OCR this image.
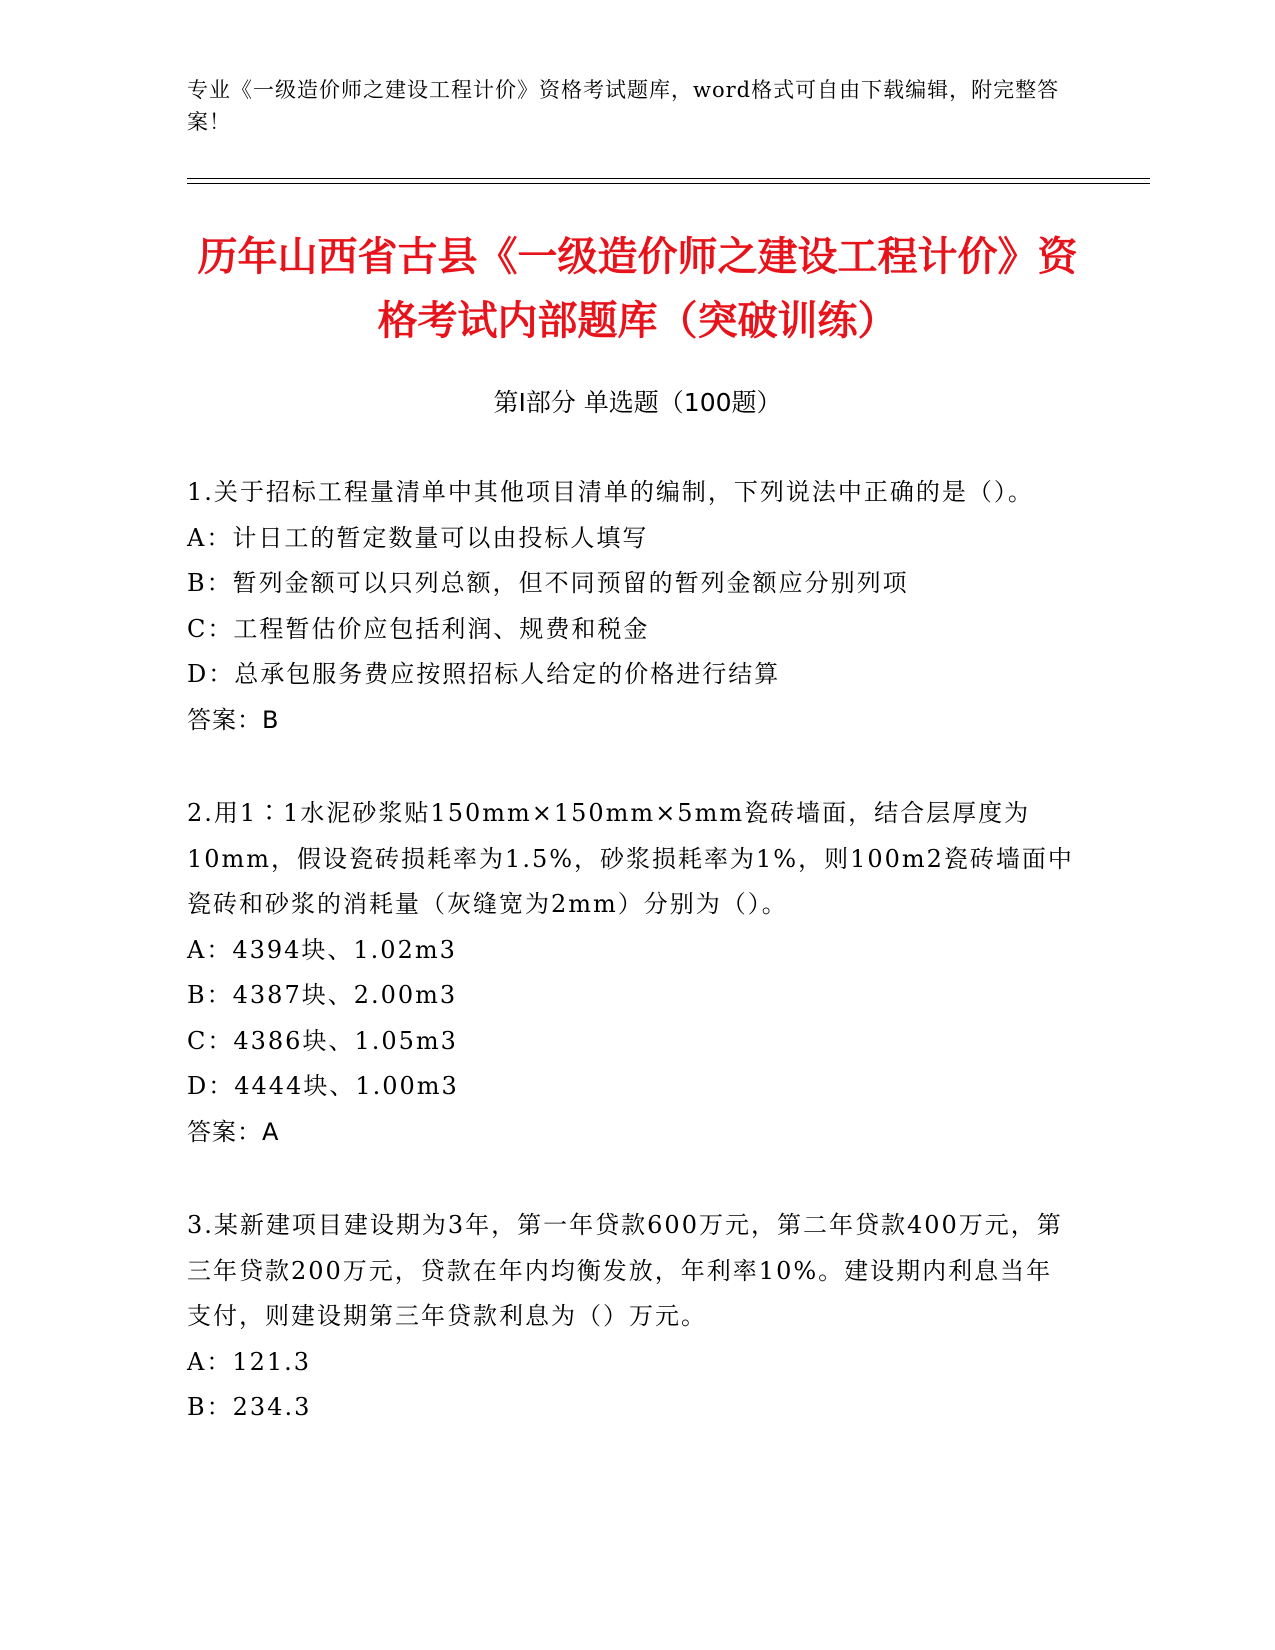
专业《一级造价师之建设工程计价》资格考试题库，word格式可自由下载编辑，附完整答案！
历年山西省古县《一级造价师之建设工程计价》资格考试内部题库（突破训练）
第Ⅰ部分 单选题（100题）
1.关于招标工程量清单中其他项目清单的编制，下列说法中正确的是（）。
A：计日工的暂定数量可以由投标人填写
B：暂列金额可以只列总额，但不同预留的暂列金额应分别列项
C：工程暂估价应包括利润、规费和税金
D：总承包服务费应按照招标人给定的价格进行结算
答案：B
2.用1∶1水泥砂浆贴150mm×150mm×5mm瓷砖墙面，结合层厚度为10mm，假设瓷砖损耗率为1.5%，砂浆损耗率为1%，则100m2瓷砖墙面中瓷砖和砂浆的消耗量（灰缝宽为2mm）分别为（）。
A：4394块、1.02m3
B：4387块、2.00m3
C：4386块、1.05m3
D：4444块、1.00m3
答案：A
3.某新建项目建设期为3年，第一年贷款600万元，第二年贷款400万元，第三年贷款200万元，贷款在年内均衡发放，年利率10%。建设期内利息当年支付，则建设期第三年贷款利息为（）万元。
A：121.3
B：234.3
